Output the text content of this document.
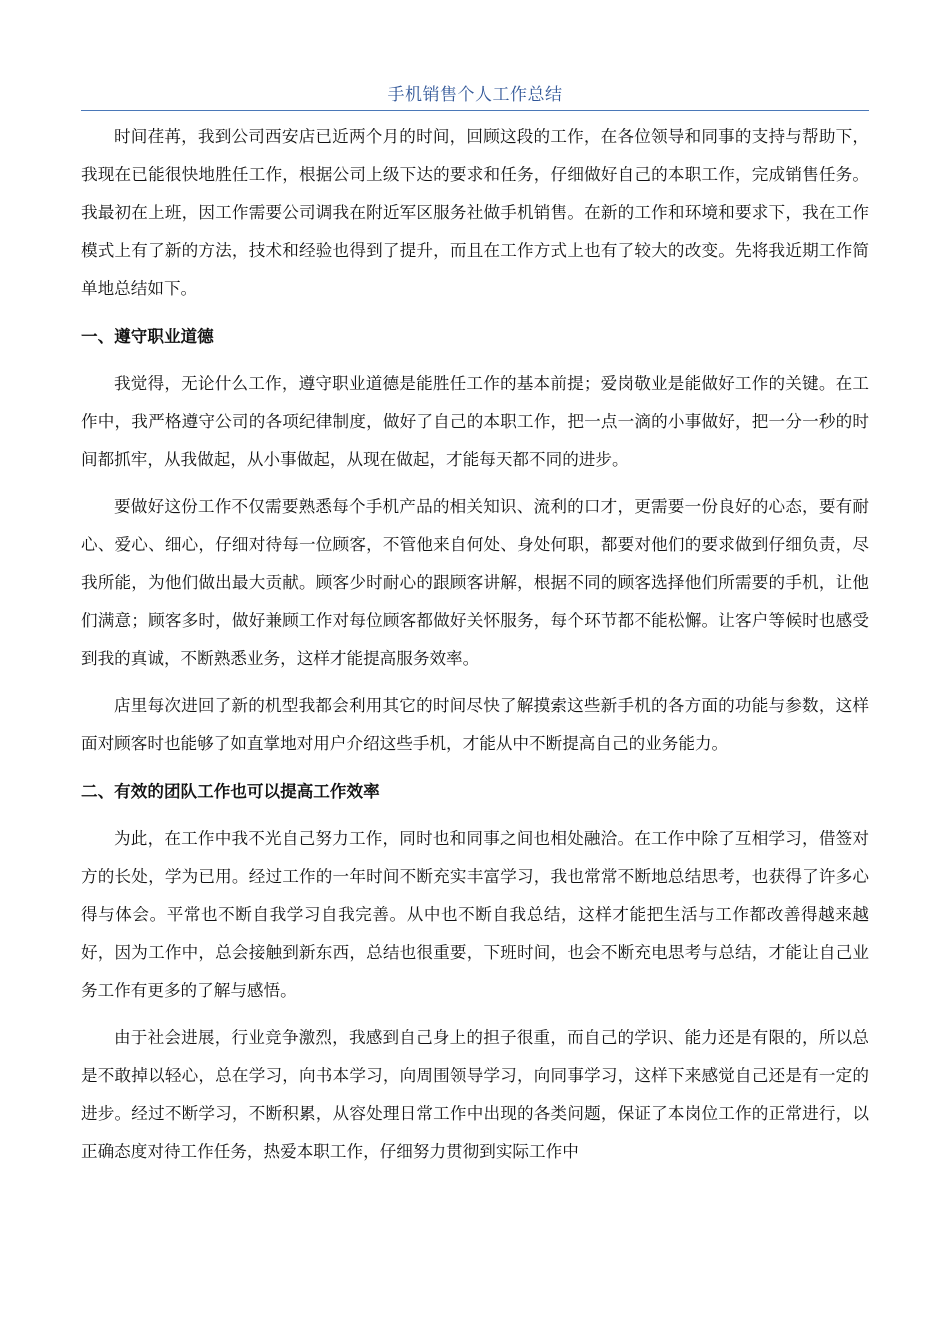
手机销售个人工作总结

时间荏苒，我到公司西安店已近两个月的时间，回顾这段的工作，在各位领导和同事的支持与帮助下，我现在已能很快地胜任工作，根据公司上级下达的要求和任务，仔细做好自己的本职工作，完成销售任务。我最初在上班，因工作需要公司调我在附近军区服务社做手机销售。在新的工作和环境和要求下，我在工作模式上有了新的方法，技术和经验也得到了提升，而且在工作方式上也有了较大的改变。先将我近期工作简单地总结如下。

一、遵守职业道德

我觉得，无论什么工作，遵守职业道德是能胜任工作的基本前提；爱岗敬业是能做好工作的关键。在工作中，我严格遵守公司的各项纪律制度，做好了自己的本职工作，把一点一滴的小事做好，把一分一秒的时间都抓牢，从我做起，从小事做起，从现在做起，才能每天都不同的进步。

要做好这份工作不仅需要熟悉每个手机产品的相关知识、流利的口才，更需要一份良好的心态，要有耐心、爱心、细心，仔细对待每一位顾客，不管他来自何处、身处何职，都要对他们的要求做到仔细负责，尽我所能，为他们做出最大贡献。顾客少时耐心的跟顾客讲解，根据不同的顾客选择他们所需要的手机，让他们满意；顾客多时，做好兼顾工作对每位顾客都做好关怀服务，每个环节都不能松懈。让客户等候时也感受到我的真诚，不断熟悉业务，这样才能提高服务效率。

店里每次进回了新的机型我都会利用其它的时间尽快了解摸索这些新手机的各方面的功能与参数，这样面对顾客时也能够了如直掌地对用户介绍这些手机，才能从中不断提高自己的业务能力。

二、有效的团队工作也可以提高工作效率

为此，在工作中我不光自己努力工作，同时也和同事之间也相处融洽。在工作中除了互相学习，借签对方的长处，学为已用。经过工作的一年时间不断充实丰富学习，我也常常不断地总结思考，也获得了许多心得与体会。平常也不断自我学习自我完善。从中也不断自我总结，这样才能把生活与工作都改善得越来越好，因为工作中，总会接触到新东西，总结也很重要，下班时间，也会不断充电思考与总结，才能让自己业务工作有更多的了解与感悟。

由于社会进展，行业竞争激烈，我感到自己身上的担子很重，而自己的学识、能力还是有限的，所以总是不敢掉以轻心，总在学习，向书本学习，向周围领导学习，向同事学习，这样下来感觉自己还是有一定的进步。经过不断学习，不断积累，从容处理日常工作中出现的各类问题，保证了本岗位工作的正常进行，以正确态度对待工作任务，热爱本职工作，仔细努力贯彻到实际工作中
